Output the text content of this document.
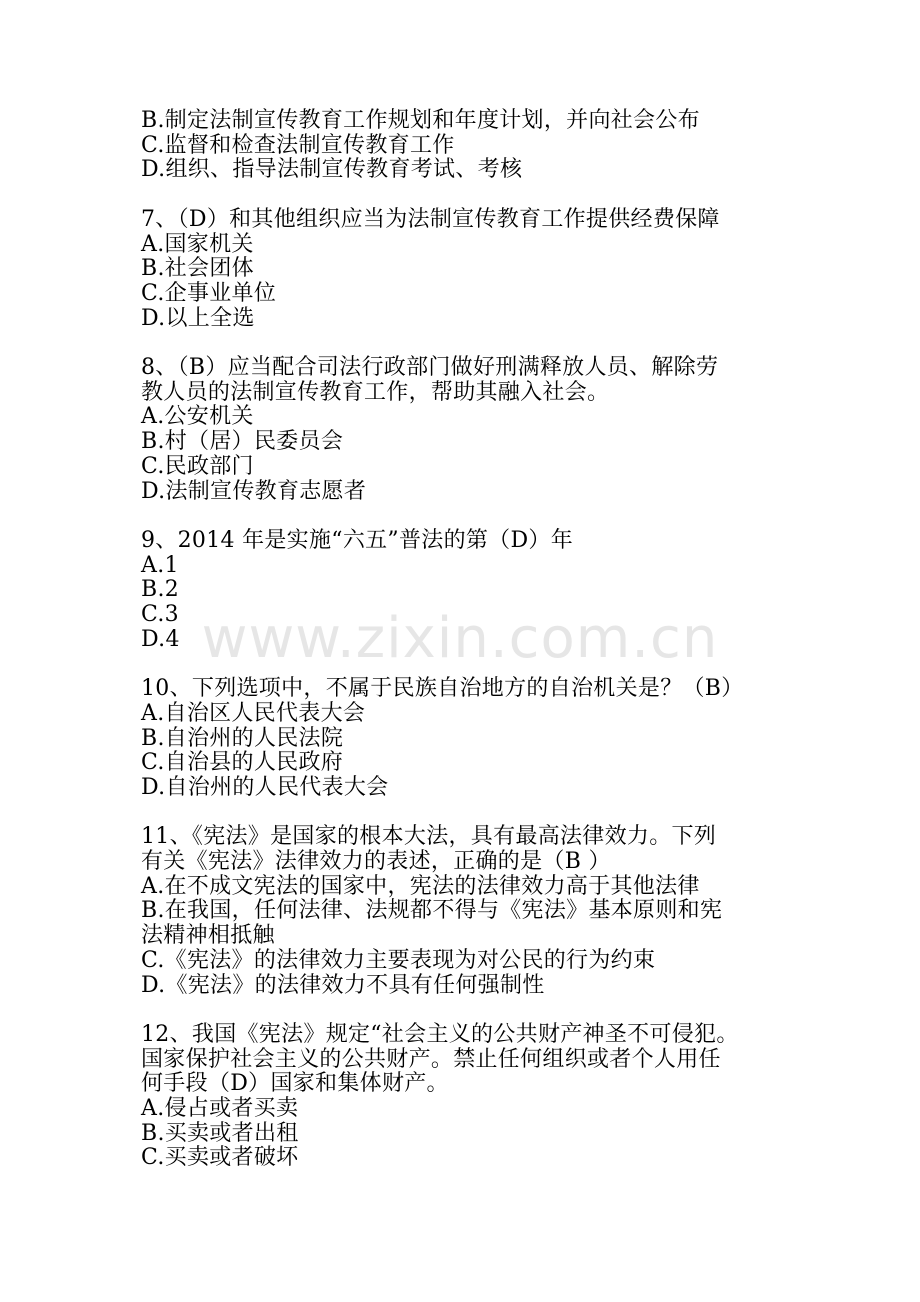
B.制定法制宣传教育工作规划和年度计划，并向社会公布
C.监督和检查法制宣传教育工作
D.组织、指导法制宣传教育考试、考核
7、（D）和其他组织应当为法制宣传教育工作提供经费保障
A.国家机关
B.社会团体
C.企事业单位
D.以上全选
8、（B）应当配合司法行政部门做好刑满释放人员、解除劳
教人员的法制宣传教育工作，帮助其融入社会。
A.公安机关
B.村（居）民委员会
C.民政部门
D.法制宣传教育志愿者
9、2014 年是实施“六五”普法的第（D）年
A.1
B.2
C.3
D.4
10、下列选项中，不属于民族自治地方的自治机关是？（B）
A.自治区人民代表大会
B.自治州的人民法院
C.自治县的人民政府
D.自治州的人民代表大会
11、《宪法》是国家的根本大法，具有最高法律效力。下列
有关《宪法》法律效力的表述，正确的是（B ）
A.在不成文宪法的国家中，宪法的法律效力高于其他法律
B.在我国，任何法律、法规都不得与《宪法》基本原则和宪
法精神相抵触
C.《宪法》的法律效力主要表现为对公民的行为约束
D.《宪法》的法律效力不具有任何强制性
12、我国《宪法》规定“社会主义的公共财产神圣不可侵犯。
国家保护社会主义的公共财产。禁止任何组织或者个人用任
何手段（D）国家和集体财产。
A.侵占或者买卖
B.买卖或者出租
C.买卖或者破坏
www.zixin.com.cn
